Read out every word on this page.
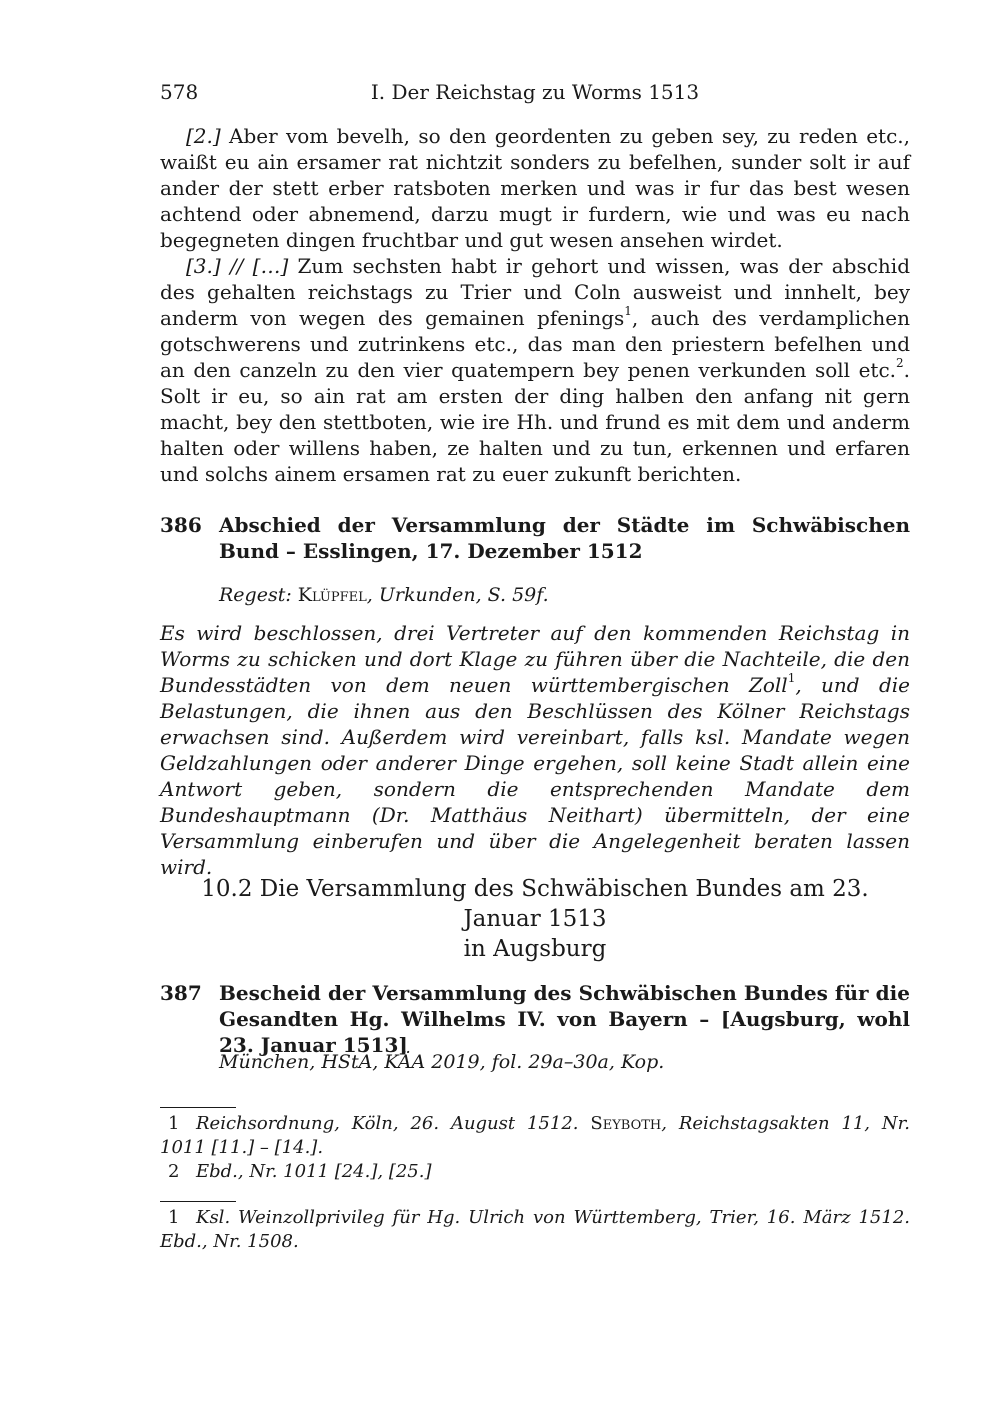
578	I. Der Reichstag zu Worms 1513

[2.] Aber vom bevelh, so den geordenten zu geben sey, zu reden etc., waißt eu ain ersamer rat nichtzit sonders zu befelhen, sunder solt ir auf ander der stett erber ratsboten merken und was ir fur das best wesen achtend oder abnemend, darzu mugt ir furdern, wie und was eu nach begegneten dingen fruchtbar und gut wesen ansehen wirdet.

[3.] // […] Zum sechsten habt ir gehort und wissen, was der abschid des gehalten reichstags zu Trier und Coln ausweist und innhelt, bey anderm von wegen des gemainen pfenings$^1$, auch des verdamplichen gotschwerens und zutrinkens etc., das man den priestern befelhen und an den canzeln zu den vier quatempern bey penen verkunden soll etc.$^2$. Solt ir eu, so ain rat am ersten der ding halben den anfang nit gern macht, bey den stettboten, wie ire Hh. und frund es mit dem und anderm halten oder willens haben, ze halten und zu tun, erkennen und erfaren und solchs ainem ersamen rat zu euer zukunft berichten.

386 Abschied der Versammlung der Städte im Schwäbischen Bund – Esslingen, 17. Dezember 1512
Regest: Klüpfel, Urkunden, S. 59f.
Es wird beschlossen, drei Vertreter auf den kommenden Reichstag in Worms zu schicken und dort Klage zu führen über die Nachteile, die den Bundesstädten von dem neuen württembergischen Zoll$^1$, und die Belastungen, die ihnen aus den Beschlüssen des Kölner Reichstags erwachsen sind. Außerdem wird vereinbart, falls ksl. Mandate wegen Geldzahlungen oder anderer Dinge ergehen, soll keine Stadt allein eine Antwort geben, sondern die entsprechenden Mandate dem Bundeshauptmann (Dr. Matthäus Neithart) übermitteln, der eine Versammlung einberufen und über die Angelegenheit beraten lassen wird.
10.2 Die Versammlung des Schwäbischen Bundes am 23. Januar 1513
in Augsburg
387 Bescheid der Versammlung des Schwäbischen Bundes für die Gesandten Hg. Wilhelms IV. von Bayern – [Augsburg, wohl 23. Januar 1513]
München, HStA, KÄA 2019, fol. 29a–30a, Kop.
1 Reichsordnung, Köln, 26. August 1512. Seyboth, Reichstagsakten 11, Nr. 1011 [11.] – [14.].
2 Ebd., Nr. 1011 [24.], [25.]
1 Ksl. Weinzollprivileg für Hg. Ulrich von Württemberg, Trier, 16. März 1512. Ebd., Nr. 1508.
